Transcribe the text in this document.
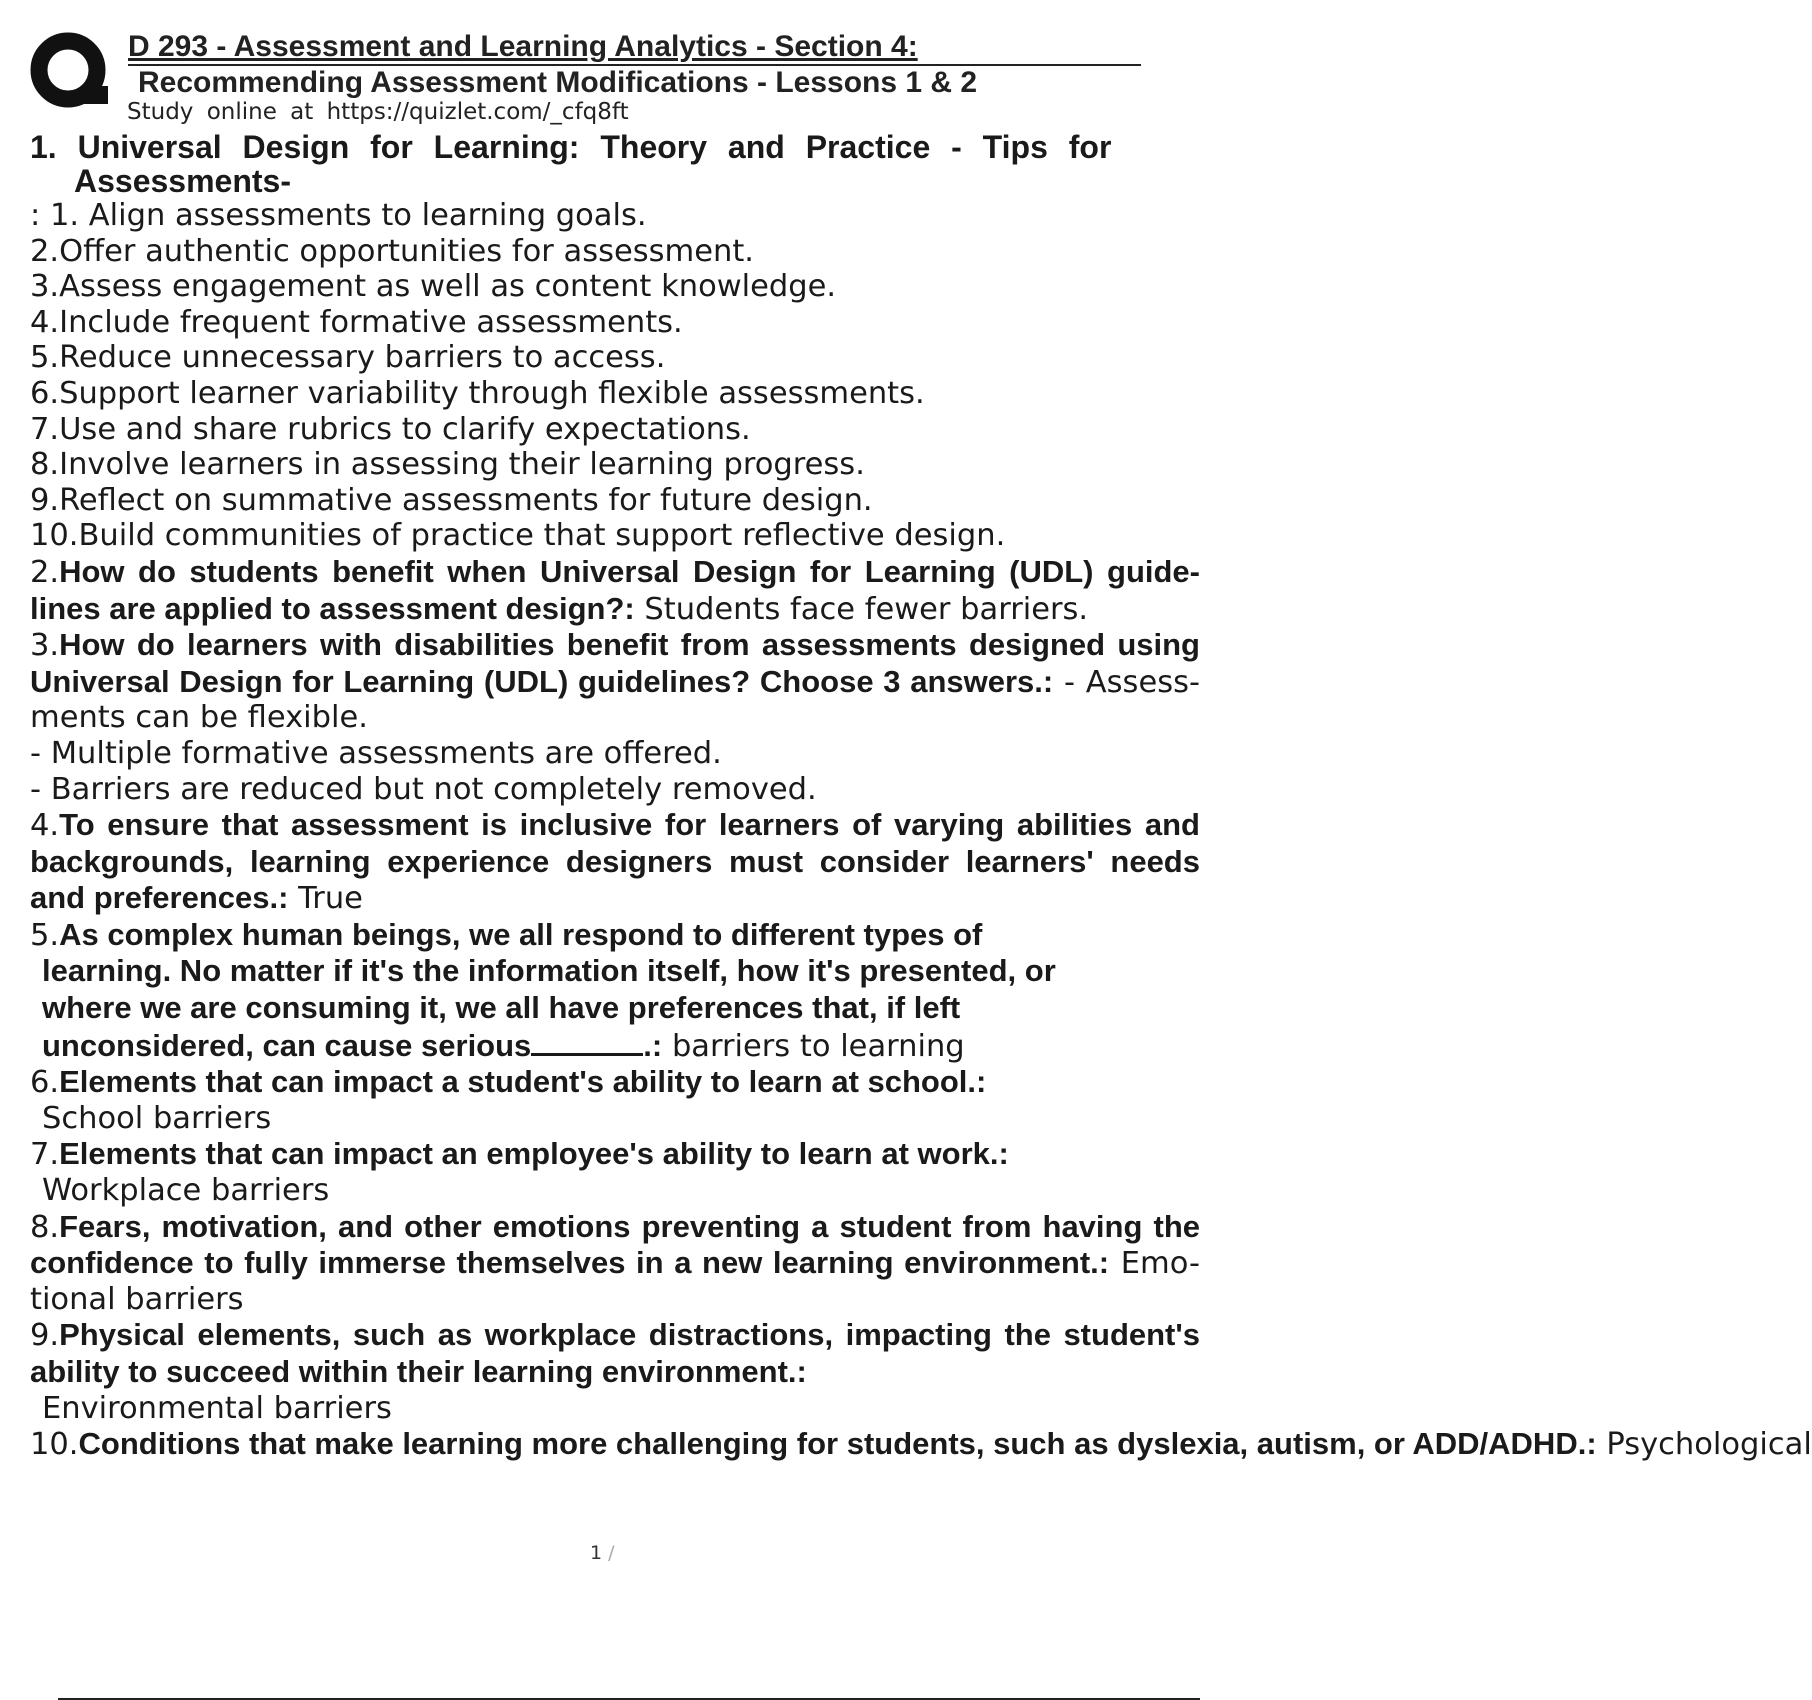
D 293 - Assessment and Learning Analytics - Section 4:
Recommending Assessment Modifications - Lessons 1 & 2
Study online at https://quizlet.com/_cfq8ft
1. Universal Design for Learning: Theory and Practice - Tips for
Assessments-
: 1. Align assessments to learning goals.
2.Offer authentic opportunities for assessment.
3.Assess engagement as well as content knowledge.
4.Include frequent formative assessments.
5.Reduce unnecessary barriers to access.
6.Support learner variability through flexible assessments.
7.Use and share rubrics to clarify expectations.
8.Involve learners in assessing their learning progress.
9.Reflect on summative assessments for future design.
10.Build communities of practice that support reflective design.
2.How do students benefit when Universal Design for Learning (UDL) guide- lines are applied to assessment design?: Students face fewer barriers.
3.How do learners with disabilities benefit from assessments designed using Universal Design for Learning (UDL) guidelines? Choose 3 answers.: - Assess- ments can be flexible.
- Multiple formative assessments are offered.
- Barriers are reduced but not completely removed.
4.To ensure that assessment is inclusive for learners of varying abilities and backgrounds, learning experience designers must consider learners' needs and preferences.: True
5.As complex human beings, we all respond to different types of
learning. No matter if it's the information itself, how it's presented, or
where we are consuming it, we all have preferences that, if left
unconsidered, can cause serious	.: barriers to learning
6.Elements that can impact a student's ability to learn at school.:
School barriers
7.Elements that can impact an employee's ability to learn at work.:
Workplace barriers
8.Fears, motivation, and other emotions preventing a student from having the confidence to fully immerse themselves in a new learning environment.: Emo- tional barriers
9.Physical elements, such as workplace distractions, impacting the student's ability to succeed within their learning environment.:
Environmental barriers
10.Conditions that make learning more challenging for students, such as dyslexia, autism, or ADD/ADHD.: Psychological
1 /
